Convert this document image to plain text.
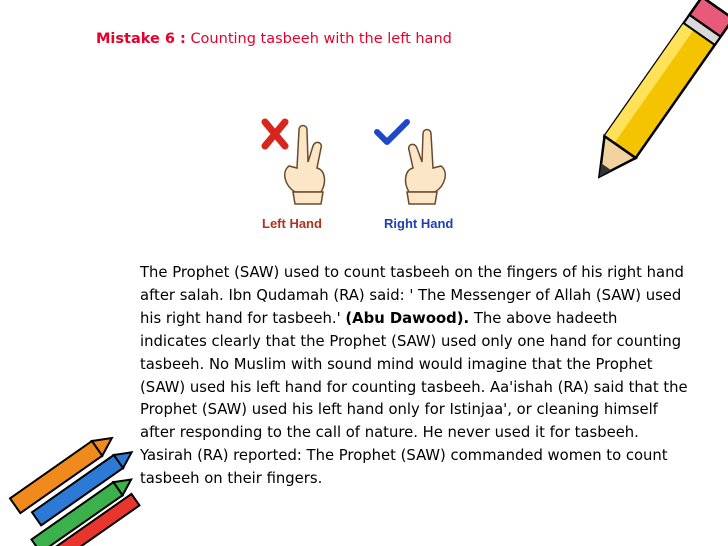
Mistake 6 : Counting tasbeeh with the left hand
Left Hand	Right Hand
The Prophet (SAW) used to count tasbeeh on the fingers of his right hand after salah. Ibn Qudamah (RA) said: ' The Messenger of Allah (SAW) used his right hand for tasbeeh.' (Abu Dawood). The above hadeeth indicates clearly that the Prophet (SAW) used only one hand for counting tasbeeh. No Muslim with sound mind would imagine that the Prophet (SAW) used his left hand for counting tasbeeh. Aa'ishah (RA) said that the Prophet (SAW) used his left hand only for Istinjaa', or cleaning himself after responding to the call of nature. He never used it for tasbeeh. Yasirah (RA) reported: The Prophet (SAW) commanded women to count tasbeeh on their fingers.
